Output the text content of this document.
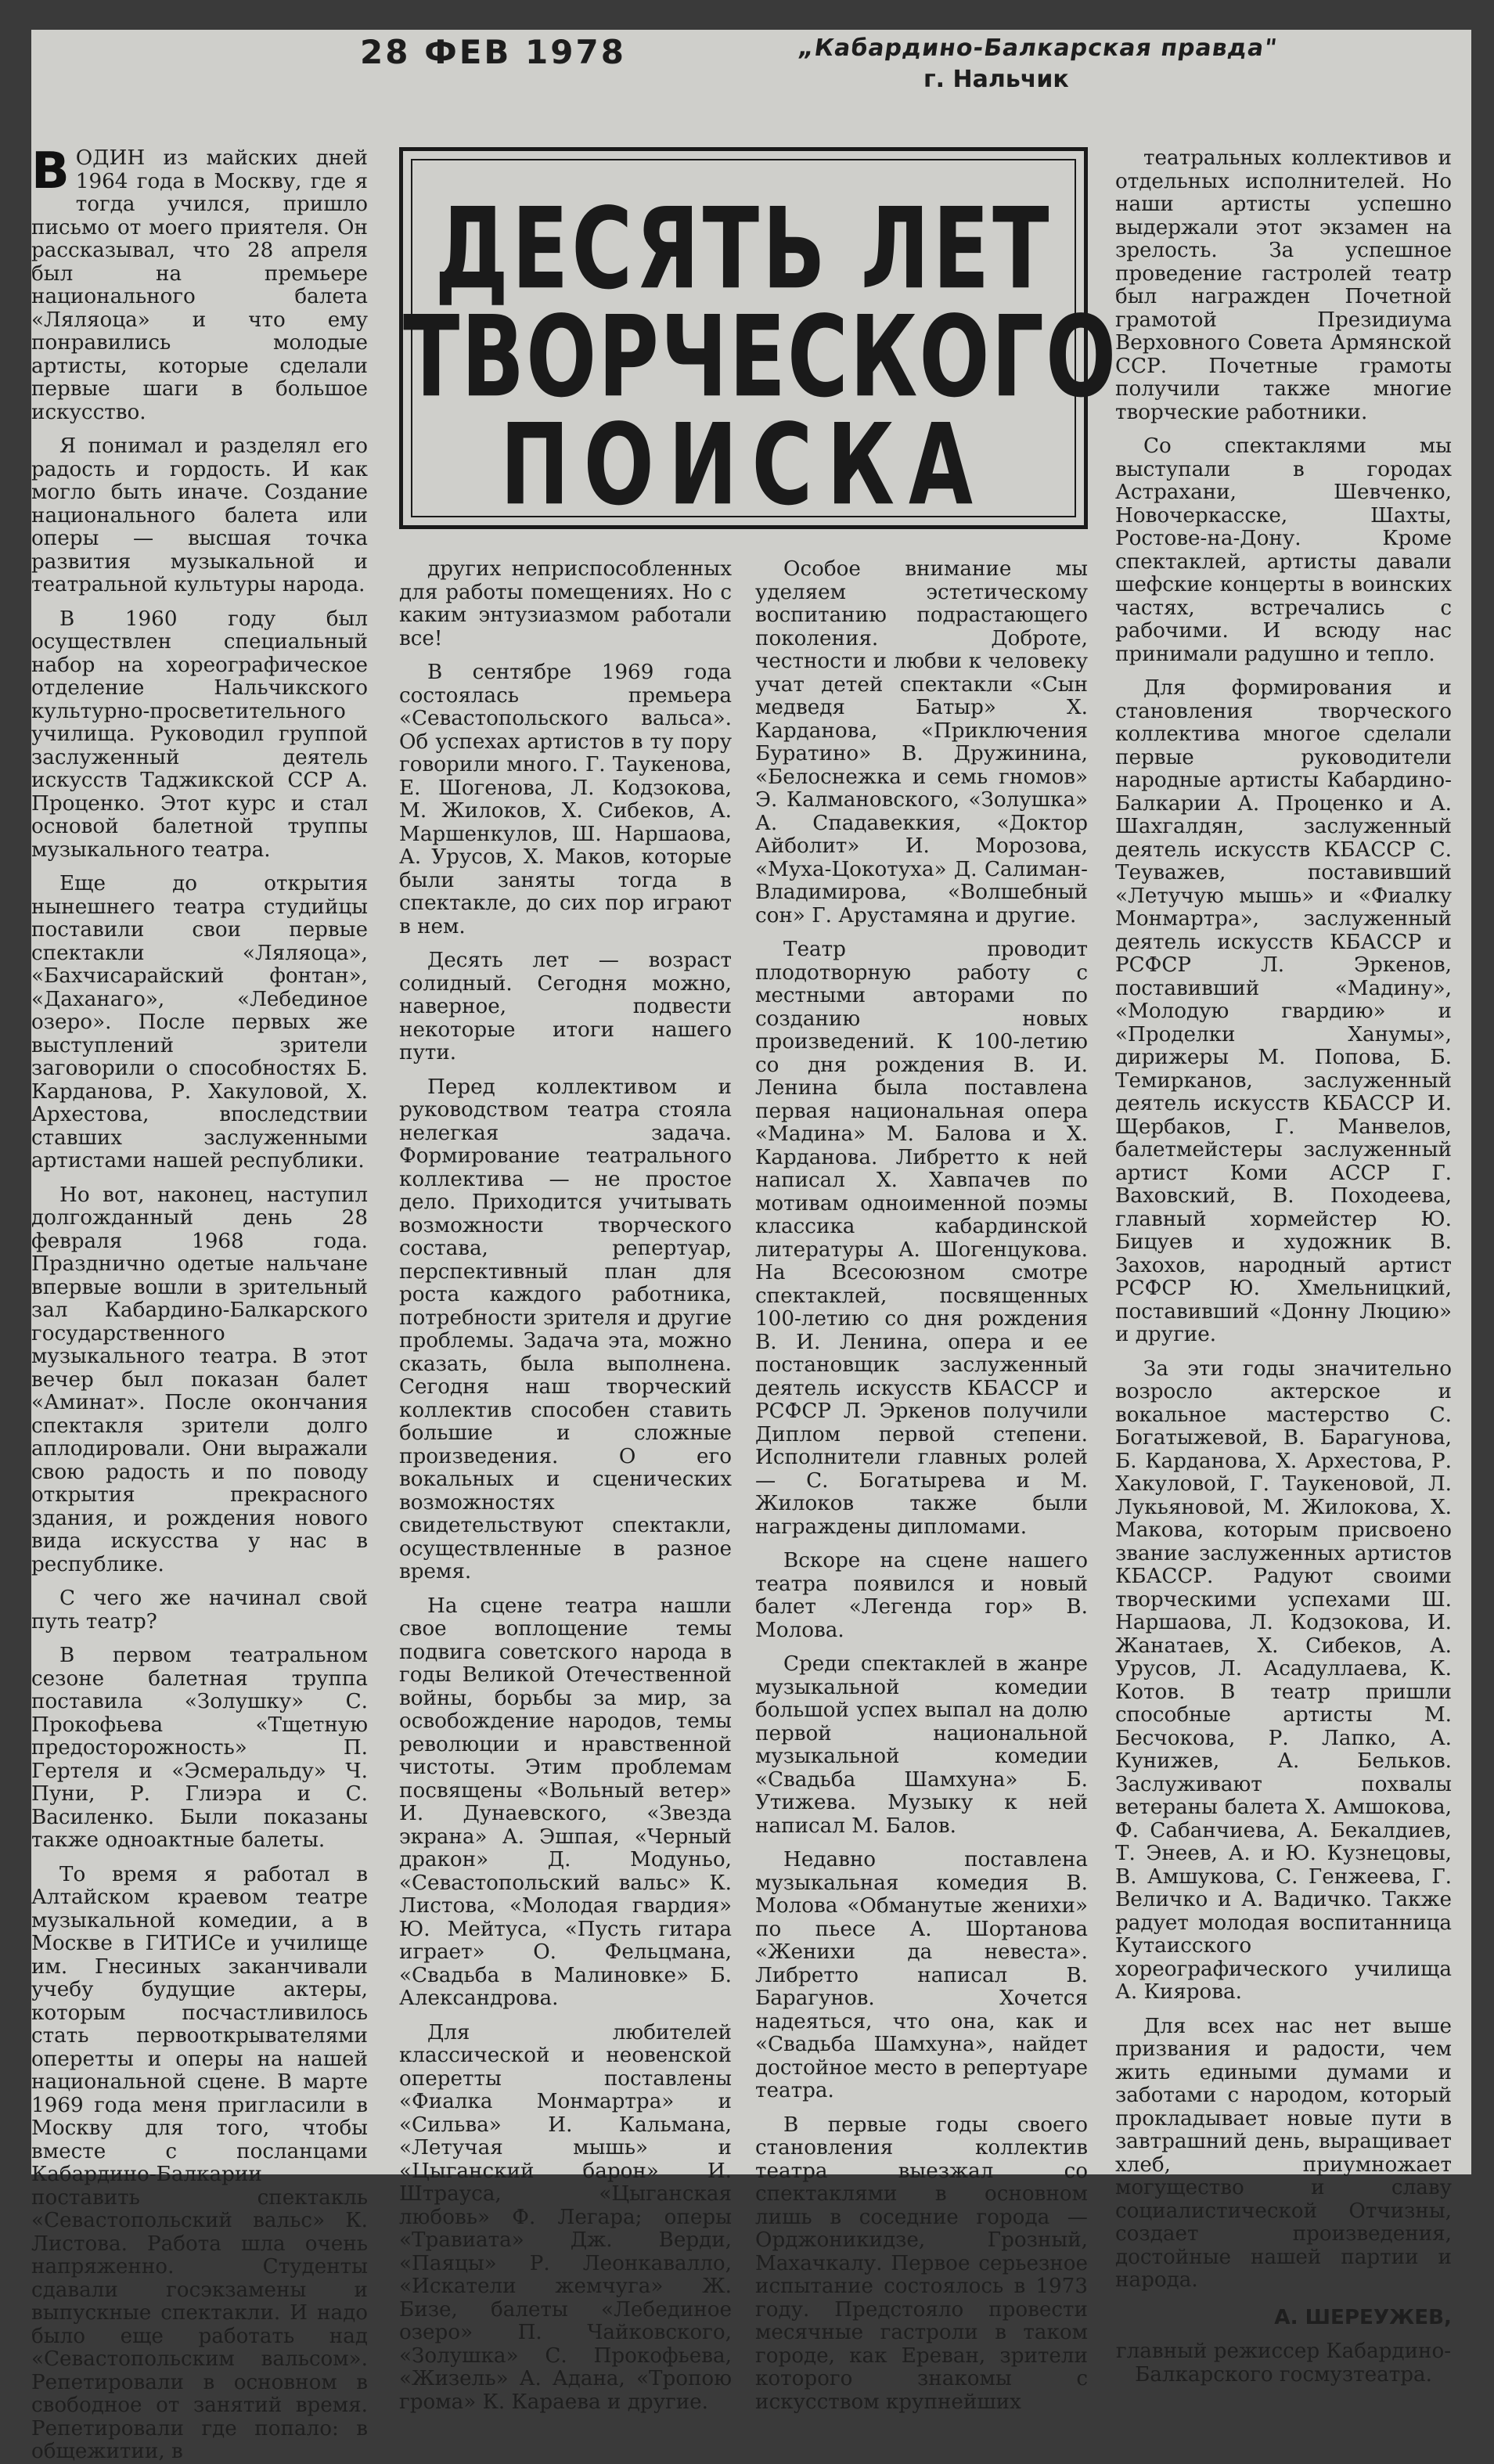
28 ФЕВ 1978	„Кабардино-Балкарская правда"
г. Нальчик
ДЕСЯТЬ ЛЕТ
ТВОРЧЕСКОГО
ПОИСКА

ВОДИН из майских дней 1964 года в Москву, где я тогда учился, пришло письмо от моего приятеля. Он рассказывал, что 28 апреля был на премьере национального балета «Ляляоца» и что ему понравились молодые артисты, которые сделали первые шаги в большое искусство.

Я понимал и разделял его радость и гордость. И как могло быть иначе. Создание национального балета или оперы — высшая точка развития музыкальной и театральной культуры народа.

В 1960 году был осуществлен специальный набор на хореографическое отделение Нальчикского культурно-просветительного училища. Руководил группой заслуженный деятель искусств Таджикской ССР А. Проценко. Этот курс и стал основой балетной труппы музыкального театра.

Еще до открытия нынешнего театра студийцы поставили свои первые спектакли «Ляляоца», «Бахчисарайский фонтан», «Даханаго», «Лебединое озеро». После первых же выступлений зрители заговорили о способностях Б. Карданова, Р. Хакуловой, Х. Архестова, впоследствии ставших заслуженными артистами нашей республики.

Но вот, наконец, наступил долгожданный день 28 февраля 1968 года. Празднично одетые нальчане впервые вошли в зрительный зал Кабардино-Балкарского государственного музыкального театра. В этот вечер был показан балет «Аминат». После окончания спектакля зрители долго аплодировали. Они выражали свою радость и по поводу открытия прекрасного здания, и рождения нового вида искусства у нас в республике.

С чего же начинал свой путь театр?

В первом театральном сезоне балетная труппа поставила «Золушку» С. Прокофьева «Тщетную предосторожность» П. Гертеля и «Эсмеральду» Ч. Пуни, Р. Глиэра и С. Василенко. Были показаны также одноактные балеты.

То время я работал в Алтайском краевом театре музыкальной комедии, а в Москве в ГИТИСе и училище им. Гнесиных заканчивали учебу будущие актеры, которым посчастливилось стать первооткрывателями оперетты и оперы на нашей национальной сцене. В марте 1969 года меня пригласили в Москву для того, чтобы вместе с посланцами Кабардино-Балкарии поставить спектакль «Севастопольский вальс» К. Листова. Работа шла очень напряженно. Студенты сдавали госэкзамены и выпускные спектакли. И надо было еще работать над «Севастопольским вальсом». Репетировали в основном в свободное от занятий время. Репетировали где попало: в общежитии, в

других неприспособленных для работы помещениях. Но с каким энтузиазмом работали все!

В сентябре 1969 года состоялась премьера «Севастопольского вальса». Об успехах артистов в ту пору говорили много. Г. Таукенова, Е. Шогенова, Л. Кодзокова, М. Жилоков, Х. Сибеков, А. Маршенкулов, Ш. Наршаова, А. Урусов, Х. Маков, которые были заняты тогда в спектакле, до сих пор играют в нем.

Десять лет — возраст солидный. Сегодня можно, наверное, подвести некоторые итоги нашего пути.

Перед коллективом и руководством театра стояла нелегкая задача. Формирование театрального коллектива — не простое дело. Приходится учитывать возможности творческого состава, репертуар, перспективный план для роста каждого работника, потребности зрителя и другие проблемы. Задача эта, можно сказать, была выполнена. Сегодня наш творческий коллектив способен ставить большие и сложные произведения. О его вокальных и сценических возможностях свидетельствуют спектакли, осуществленные в разное время.

На сцене театра нашли свое воплощение темы подвига советского народа в годы Великой Отечественной войны, борьбы за мир, за освобождение народов, темы революции и нравственной чистоты. Этим проблемам посвящены «Вольный ветер» И. Дунаевского, «Звезда экрана» А. Эшпая, «Черный дракон» Д. Модуньо, «Севастопольский вальс» К. Листова, «Молодая гвардия» Ю. Мейтуса, «Пусть гитара играет» О. Фельцмана, «Свадьба в Малиновке» Б. Александрова.

Для любителей классической и неовенской оперетты поставлены «Фиалка Монмартра» и «Сильва» И. Кальмана, «Летучая мышь» и «Цыганский барон» И. Штрауса, «Цыганская любовь» Ф. Легара; оперы «Травиата» Дж. Верди, «Паяцы» Р. Леонкавалло, «Искатели жемчуга» Ж. Бизе, балеты «Лебединое озеро» П. Чайковского, «Золушка» С. Прокофьева, «Жизель» А. Адана, «Тропою грома» К. Караева и другие.

Особое внимание мы уделяем эстетическому воспитанию подрастающего поколения. Доброте, честности и любви к человеку учат детей спектакли «Сын медведя Батыр» Х. Карданова, «Приключения Буратино» В. Дружинина, «Белоснежка и семь гномов» Э. Калмановского, «Золушка» А. Спадавеккия, «Доктор Айболит» И. Морозова, «Муха-Цокотуха» Д. Салиман-Владимирова, «Волшебный сон» Г. Арустамяна и другие.

Театр проводит плодотворную работу с местными авторами по созданию новых произведений. К 100-летию со дня рождения В. И. Ленина была поставлена первая национальная опера «Мадина» М. Балова и Х. Карданова. Либретто к ней написал Х. Хавпачев по мотивам одноименной поэмы классика кабардинской литературы А. Шогенцукова. На Всесоюзном смотре спектаклей, посвященных 100-летию со дня рождения В. И. Ленина, опера и ее постановщик заслуженный деятель искусств КБАССР и РСФСР Л. Эркенов получили Диплом первой степени. Исполнители главных ролей — С. Богатырева и М. Жилоков также были награждены дипломами.

Вскоре на сцене нашего театра появился и новый балет «Легенда гор» В. Молова.

Среди спектаклей в жанре музыкальной комедии большой успех выпал на долю первой национальной музыкальной комедии «Свадьба Шамхуна» Б. Утижева. Музыку к ней написал М. Балов.

Недавно поставлена музыкальная комедия В. Молова «Обманутые женихи» по пьесе А. Шортанова «Женихи да невеста». Либретто написал В. Барагунов. Хочется надеяться, что она, как и «Свадьба Шамхуна», найдет достойное место в репертуаре театра.

В первые годы своего становления коллектив театра выезжал со спектаклями в основном лишь в соседние города — Орджоникидзе, Грозный, Махачкалу. Первое серьезное испытание состоялось в 1973 году. Предстояло провести месячные гастроли в таком городе, как Ереван, зрители которого знакомы с искусством крупнейших

театральных коллективов и отдельных исполнителей. Но наши артисты успешно выдержали этот экзамен на зрелость. За успешное проведение гастролей театр был награжден Почетной грамотой Президиума Верховного Совета Армянской ССР. Почетные грамоты получили также многие творческие работники.

Со спектаклями мы выступали в городах Астрахани, Шевченко, Новочеркасске, Шахты, Ростове-на-Дону. Кроме спектаклей, артисты давали шефские концерты в воинских частях, встречались с рабочими. И всюду нас принимали радушно и тепло.

Для формирования и становления творческого коллектива многое сделали первые руководители народные артисты Кабардино-Балкарии А. Проценко и А. Шахгалдян, заслуженный деятель искусств КБАССР С. Теуважев, поставивший «Летучую мышь» и «Фиалку Монмартра», заслуженный деятель искусств КБАССР и РСФСР Л. Эркенов, поставивший «Мадину», «Молодую гвардию» и «Проделки Ханумы», дирижеры М. Попова, Б. Темирканов, заслуженный деятель искусств КБАССР И. Щербаков, Г. Манвелов, балетмейстеры заслуженный артист Коми АССР Г. Ваховский, В. Походеева, главный хормейстер Ю. Бицуев и художник В. Захохов, народный артист РСФСР Ю. Хмельницкий, поставивший «Донну Люцию» и другие.

За эти годы значительно возросло актерское и вокальное мастерство С. Богатыжевой, В. Барагунова, Б. Карданова, Х. Архестова, Р. Хакуловой, Г. Таукеновой, Л. Лукьяновой, М. Жилокова, Х. Макова, которым присвоено звание заслуженных артистов КБАССР. Радуют своими творческими успехами Ш. Наршаова, Л. Кодзокова, И. Жанатаев, Х. Сибеков, А. Урусов, Л. Асадуллаева, К. Котов. В театр пришли способные артисты М. Бесчокова, Р. Лапко, А. Кунижев, А. Бельков. Заслуживают похвалы ветераны балета Х. Амшокова, Ф. Сабанчиева, А. Бекалдиев, Т. Энеев, А. и Ю. Кузнецовы, В. Амшукова, С. Генжеева, Г. Величко и А. Вадичко. Также радует молодая воспитанница Кутаисского хореографического училища А. Киярова.

Для всех нас нет выше призвания и радости, чем жить едиными думами и заботами с народом, который прокладывает новые пути в завтрашний день, выращивает хлеб, приумножает могущество и славу социалистической Отчизны, создает произведения, достойные нашей партии и народа.

А. ШЕРЕУЖЕВ,

главный режиссер Кабардино-Балкарского госмузтеатра.
